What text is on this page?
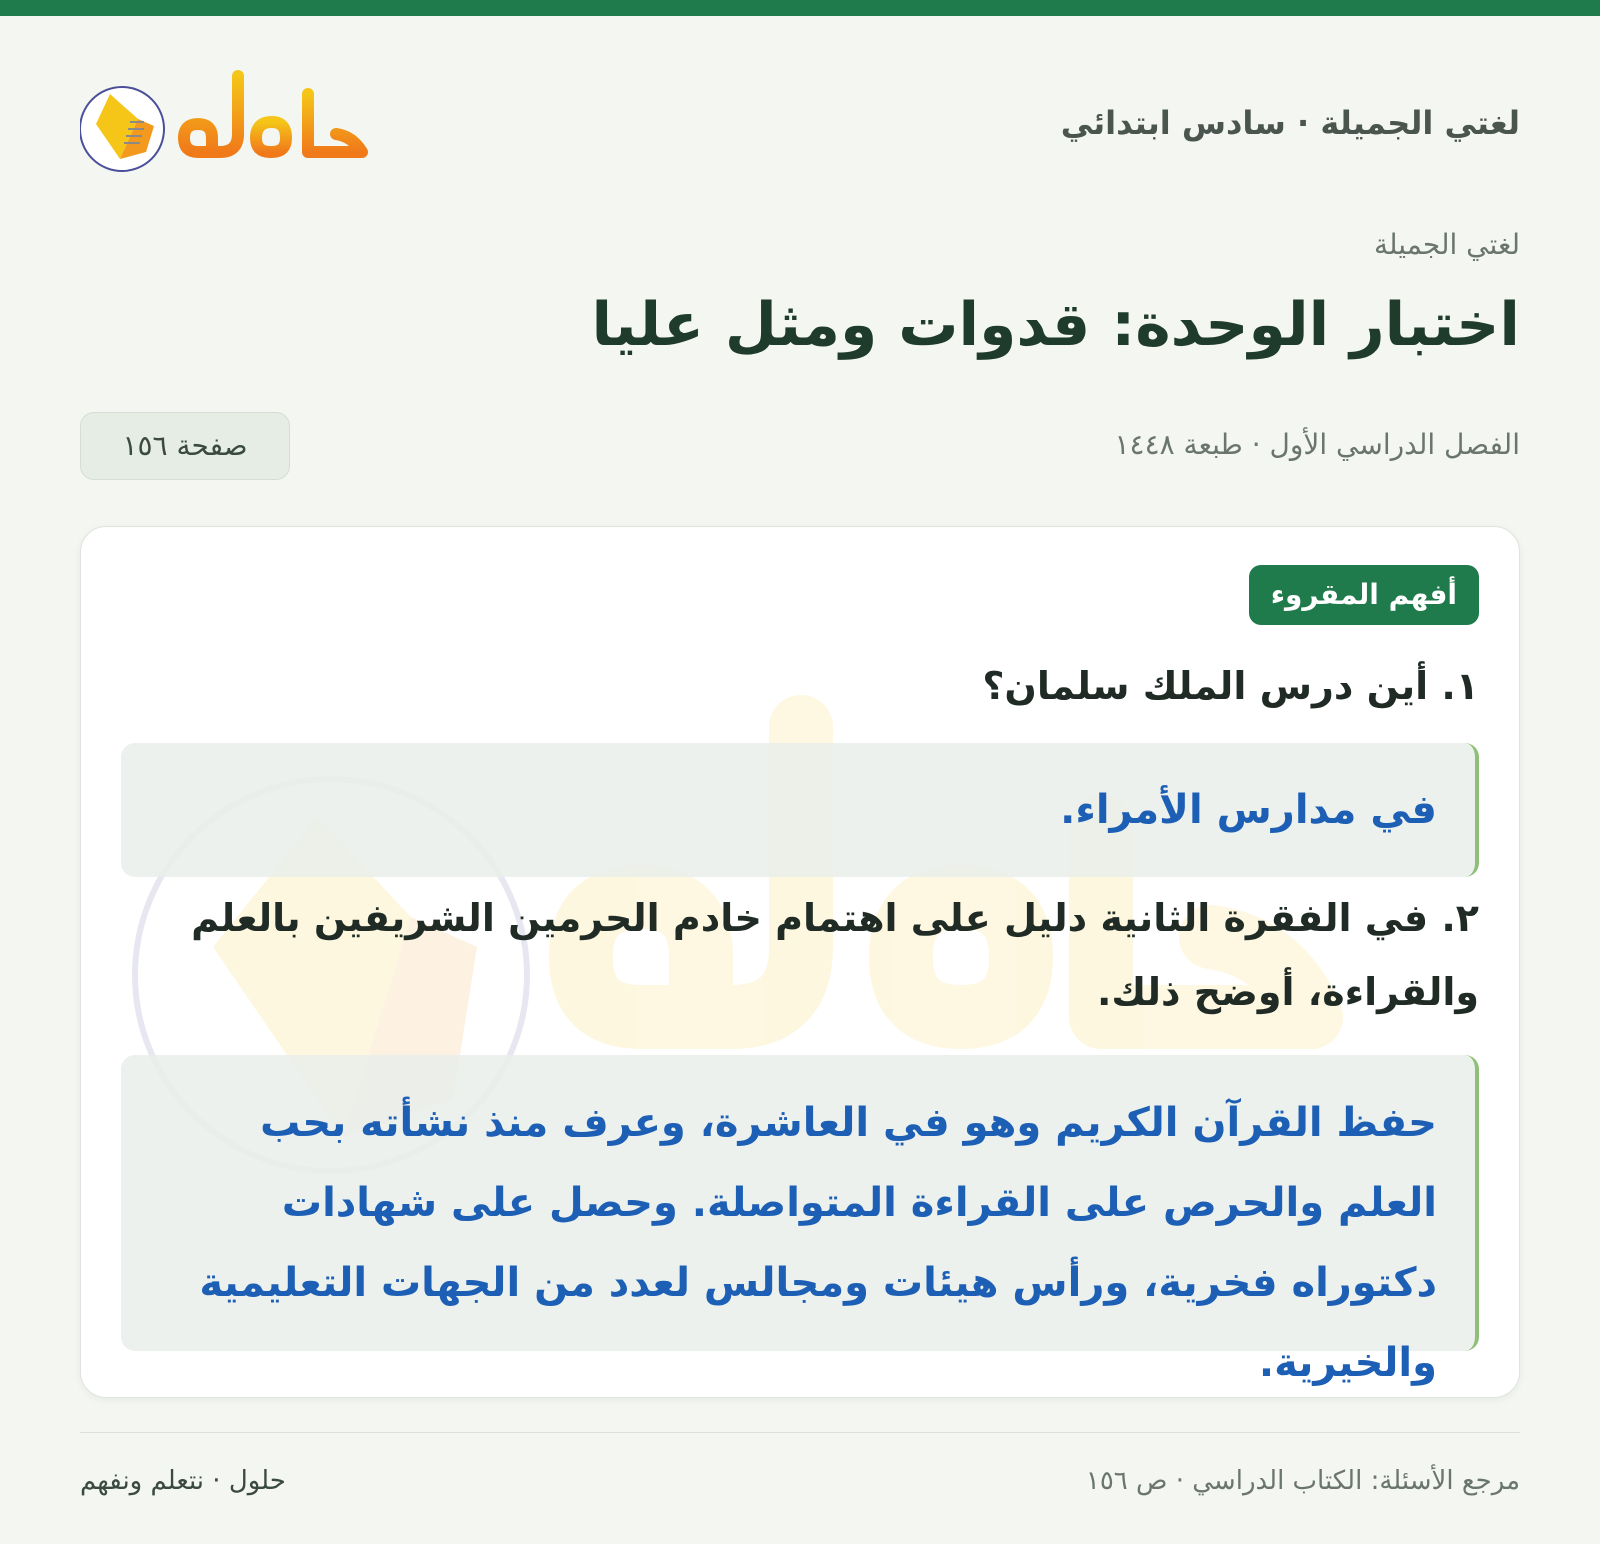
لغتي الجميلة · سادس ابتدائي
حلول
لغتي الجميلة
اختبار الوحدة: قدوات ومثل عليا
الفصل الدراسي الأول · طبعة ١٤٤٨
صفحة ١٥٦
أفهم المقروء

١. أين درس الملك سلمان؟

في مدارس الأمراء.

٢. في الفقرة الثانية دليل على اهتمام خادم الحرمين الشريفين بالعلم والقراءة، أوضح ذلك.

حفظ القرآن الكريم وهو في العاشرة، وعرف منذ نشأته بحب العلم والحرص على القراءة المتواصلة. وحصل على شهادات دكتوراه فخرية، ورأس هيئات ومجالس لعدد من الجهات التعليمية والخيرية.
حلول · نتعلم ونفهم	مرجع الأسئلة: الكتاب الدراسي · ص ١٥٦
